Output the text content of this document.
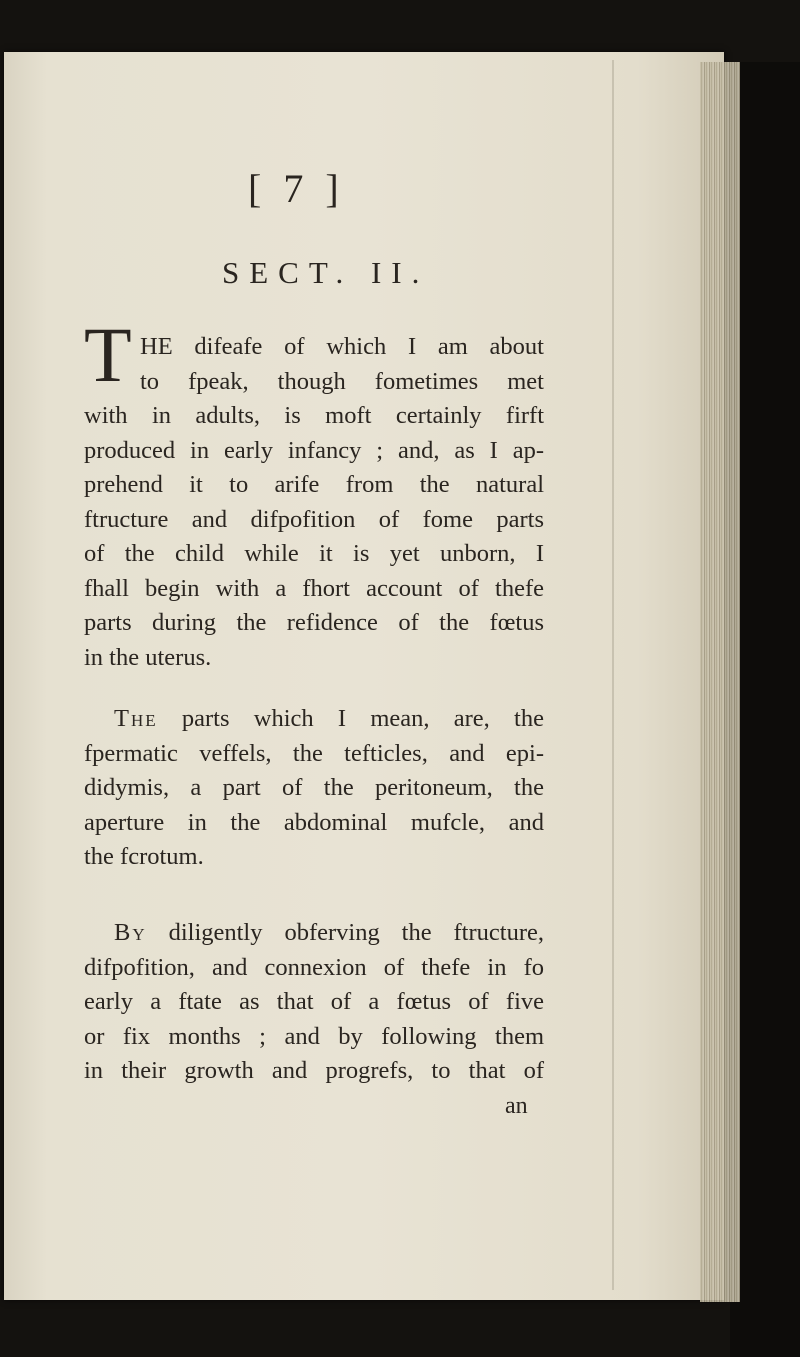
[ 7 ]
SECT. II.
T HE difeafe of which I am about
to fpeak, though fometimes met
with in adults, is moft certainly firft
produced in early infancy ; and, as I ap-
prehend it to arife from the natural
ftructure and difpofition of fome parts
of the child while it is yet unborn, I
fhall begin with a fhort account of thefe
parts during the refidence of the fœtus
in the uterus.
The parts which I mean, are, the
fpermatic veffels, the tefticles, and epi-
didymis, a part of the peritoneum, the
aperture in the abdominal mufcle, and
the fcrotum.
By diligently obferving the ftructure,
difpofition, and connexion of thefe in fo
early a ftate as that of a fœtus of five
or fix months ; and by following them
in their growth and progrefs, to that of
an
